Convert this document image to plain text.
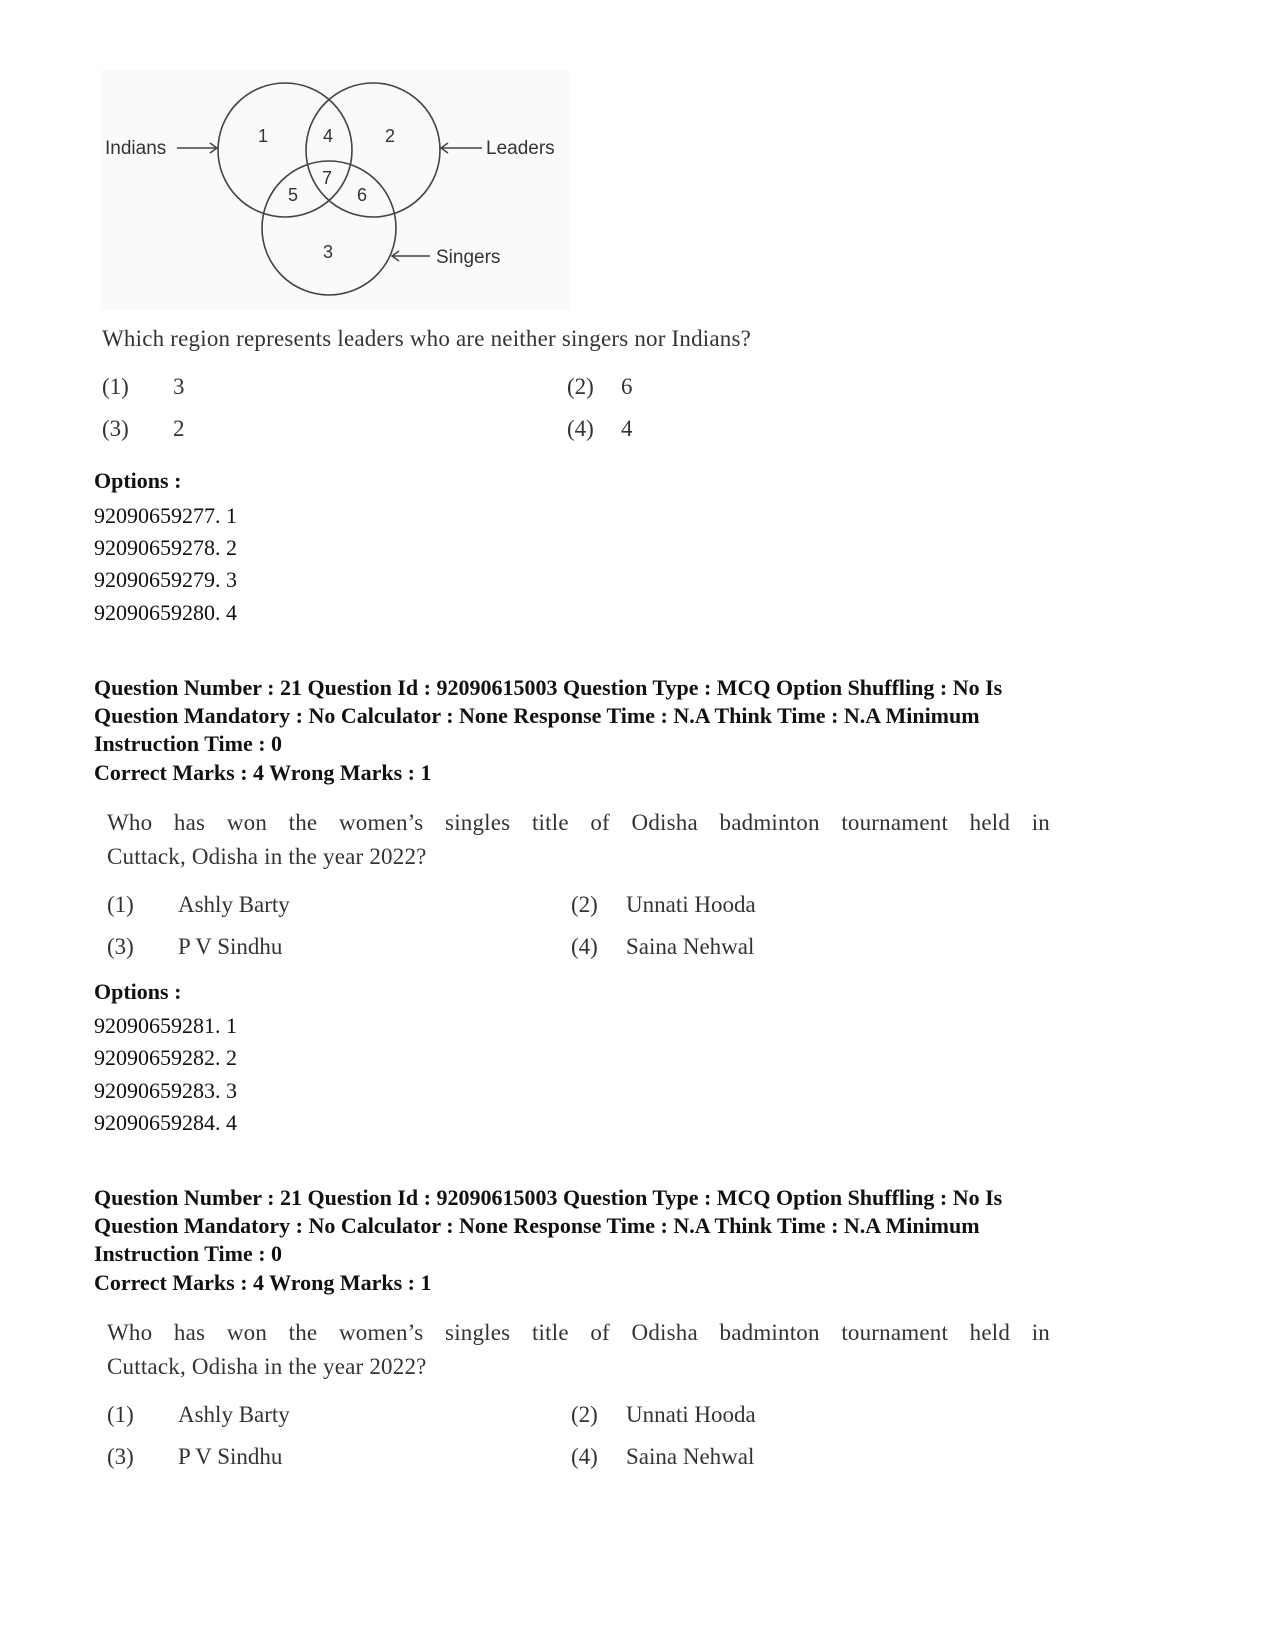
Indians	Leaders
Singers
1	2
3
4
5	6
7
Which region represents leaders who are neither singers nor Indians?
(1) 3	(2) 6
(3) 2	(4) 4
Options :
92090659277. 1
92090659278. 2
92090659279. 3
92090659280. 4
Question Number : 21 Question Id : 92090615003 Question Type : MCQ Option Shuffling : No Is
Question Mandatory : No Calculator : None Response Time : N.A Think Time : N.A Minimum
Instruction Time : 0
Correct Marks : 4 Wrong Marks : 1
Who has won the women’s singles title of Odisha badminton tournament held in
Cuttack, Odisha in the year 2022?
(1) Ashly Barty	(2) Unnati Hooda
(3) P V Sindhu	(4) Saina Nehwal
Options :
92090659281. 1
92090659282. 2
92090659283. 3
92090659284. 4
Question Number : 21 Question Id : 92090615003 Question Type : MCQ Option Shuffling : No Is
Question Mandatory : No Calculator : None Response Time : N.A Think Time : N.A Minimum
Instruction Time : 0
Correct Marks : 4 Wrong Marks : 1
Who has won the women’s singles title of Odisha badminton tournament held in
Cuttack, Odisha in the year 2022?
(1) Ashly Barty	(2) Unnati Hooda
(3) P V Sindhu	(4) Saina Nehwal
